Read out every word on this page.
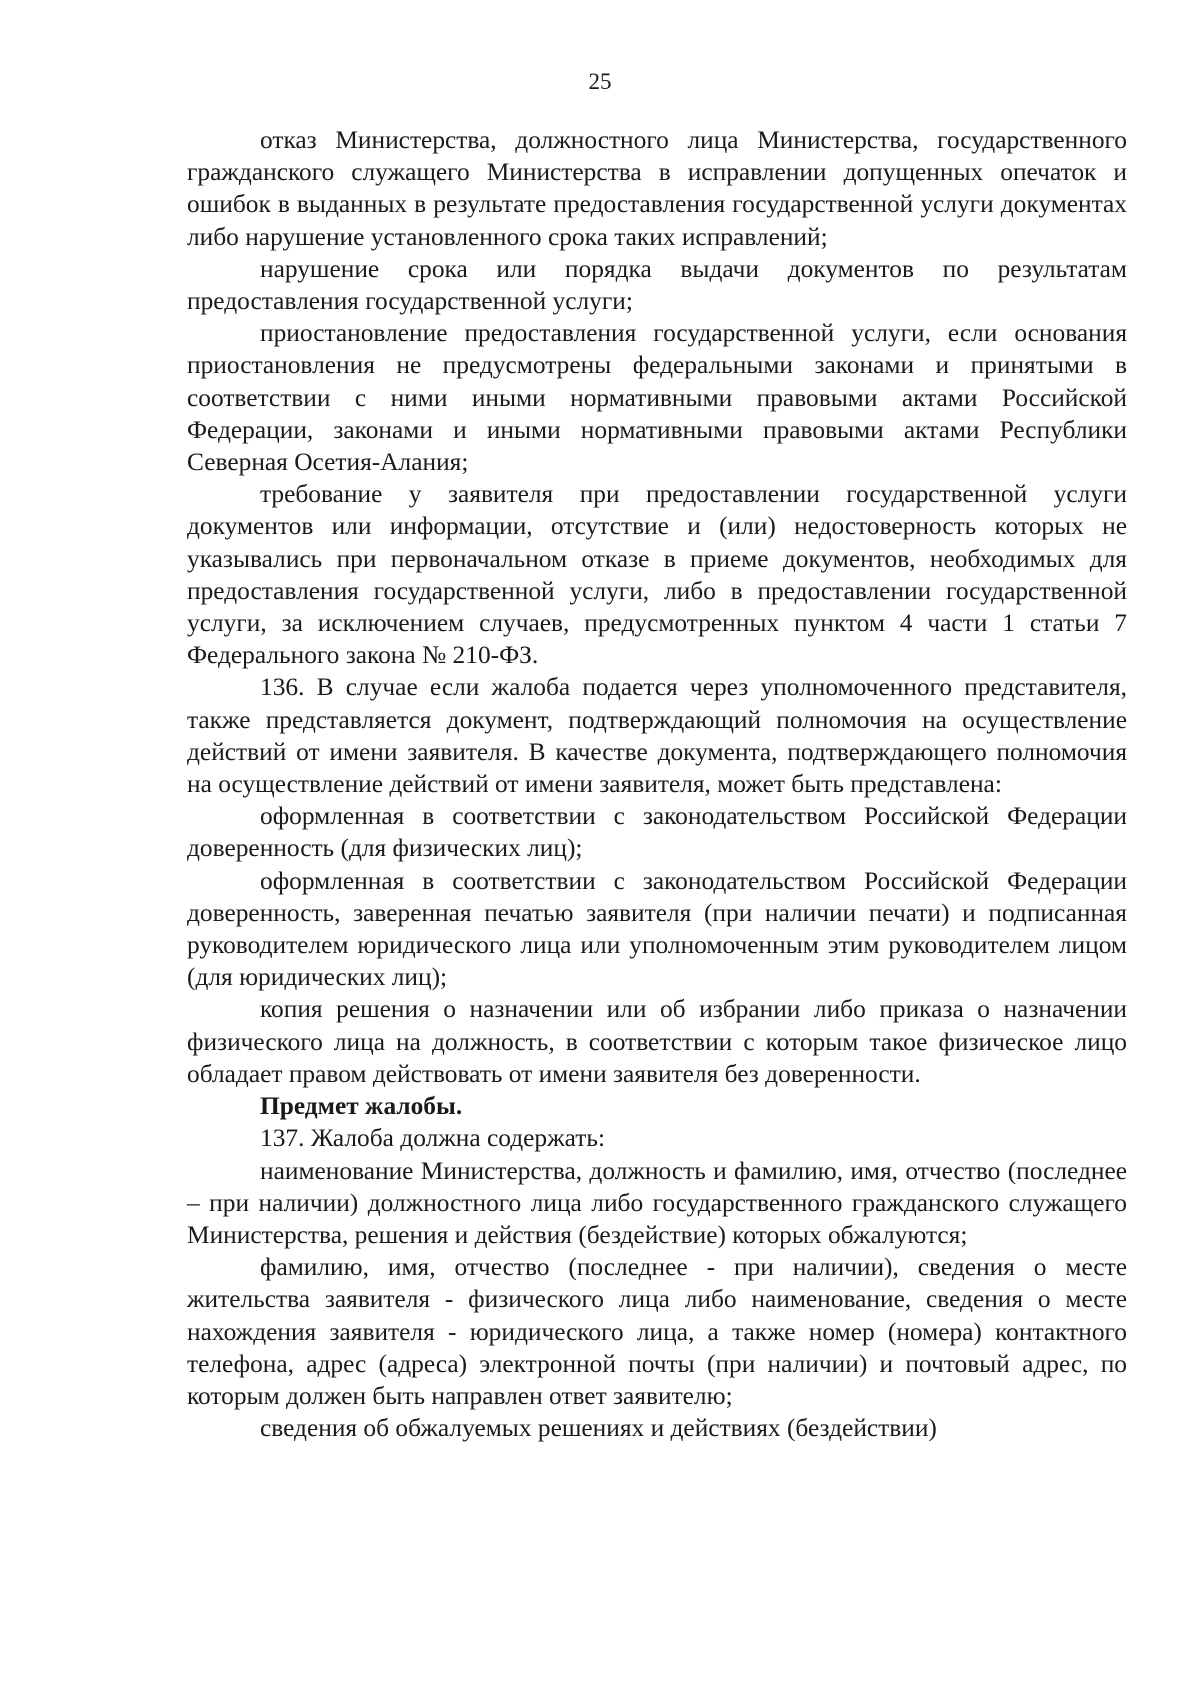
25

отказ Министерства, должностного лица Министерства, государственного гражданского служащего Министерства в исправлении допущенных опечаток и ошибок в выданных в результате предоставления государственной услуги документах либо нарушение установленного срока таких исправлений;

нарушение срока или порядка выдачи документов по результатам предоставления государственной услуги;

приостановление предоставления государственной услуги, если основания приостановления не предусмотрены федеральными законами и принятыми в соответствии с ними иными нормативными правовыми актами Российской Федерации, законами и иными нормативными правовыми актами Республики Северная Осетия-Алания;

требование у заявителя при предоставлении государственной услуги документов или информации, отсутствие и (или) недостоверность которых не указывались при первоначальном отказе в приеме документов, необходимых для предоставления государственной услуги, либо в предоставлении государственной услуги, за исключением случаев, предусмотренных пунктом 4 части 1 статьи 7 Федерального закона № 210-ФЗ.

136. В случае если жалоба подается через уполномоченного представителя, также представляется документ, подтверждающий полномочия на осуществление действий от имени заявителя. В качестве документа, подтверждающего полномочия на осуществление действий от имени заявителя, может быть представлена:

оформленная в соответствии с законодательством Российской Федерации доверенность (для физических лиц);

оформленная в соответствии с законодательством Российской Федерации доверенность, заверенная печатью заявителя (при наличии печати) и подписанная руководителем юридического лица или уполномоченным этим руководителем лицом (для юридических лиц);

копия решения о назначении или об избрании либо приказа о назначении физического лица на должность, в соответствии с которым такое физическое лицо обладает правом действовать от имени заявителя без доверенности.

Предмет жалобы.

137. Жалоба должна содержать:

наименование Министерства, должность и фамилию, имя, отчество (последнее – при наличии) должностного лица либо государственного гражданского служащего Министерства, решения и действия (бездействие) которых обжалуются;

фамилию, имя, отчество (последнее - при наличии), сведения о месте жительства заявителя - физического лица либо наименование, сведения о месте нахождения заявителя - юридического лица, а также номер (номера) контактного телефона, адрес (адреса) электронной почты (при наличии) и почтовый адрес, по которым должен быть направлен ответ заявителю;

сведения об обжалуемых решениях и действиях (бездействии)
